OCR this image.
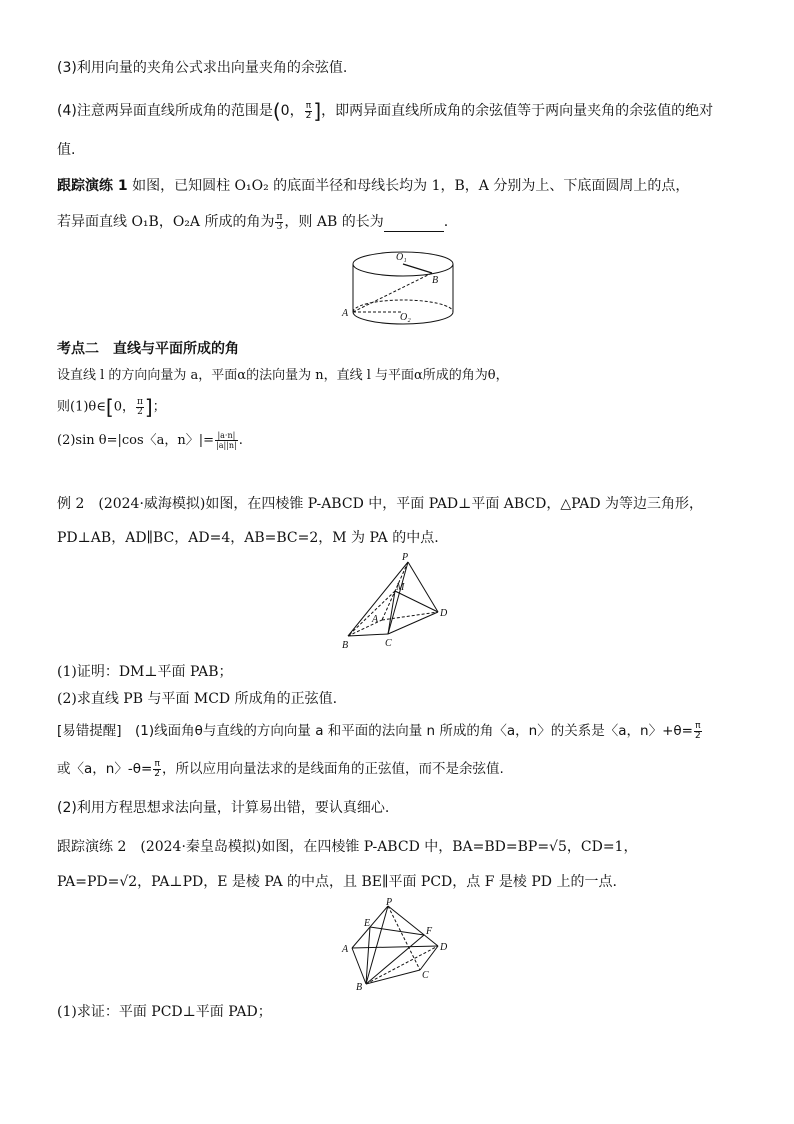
(3)利用向量的夹角公式求出向量夹角的余弦值.
(4)注意两异面直线所成角的范围是(0， $\frac{\pi}{2}$ ]，即两异面直线所成角的余弦值等于两向量夹角的余弦值的绝对
值.
跟踪演练 1 如图，已知圆柱 O₁O₂ 的底面半径和母线长均为 1，B，A 分别为上、下底面圆周上的点，
若异面直线 O₁B，O₂A 所成的角为 $\frac{\pi}{3}$ ，则 AB 的长为	.
O₁
B
A	O₂
考点二　直线与平面所成的角
设直线 l 的方向向量为 a，平面α的法向量为 n，直线 l 与平面α所成的角为θ，
则(1)θ∈[0， $\frac{\pi}{2}$ ]；
(2)sin θ=|cos〈a，n〉|= $\frac{|a\cdot n|}{|a||n|}$ .
例 2　(2024·威海模拟)如图，在四棱锥 P-ABCD 中，平面 PAD⊥平面 ABCD，△PAD 为等边三角形，
PD⊥AB，AD∥BC，AD=4，AB=BC=2，M 为 PA 的中点.
P
M
A
D
B	C
(1)证明：DM⊥平面 PAB；
(2)求直线 PB 与平面 MCD 所成角的正弦值.
[易错提醒]　(1)线面角θ与直线的方向向量 a 和平面的法向量 n 所成的角〈a，n〉的关系是〈a，n〉$+\theta= \frac{\pi}{2}$
或〈a，n〉$-\theta= \frac{\pi}{2}$ ，所以应用向量法求的是线面角的正弦值，而不是余弦值.
(2)利用方程思想求法向量，计算易出错，要认真细心.
跟踪演练 2　(2024·秦皇岛模拟)如图，在四棱锥 P-ABCD 中，BA=BD=BP=√5，CD=1，
PA=PD=√2，PA⊥PD，E 是棱 PA 的中点，且 BE∥平面 PCD，点 F 是棱 PD 上的一点.
P
E
F
A	D
C
B
(1)求证：平面 PCD⊥平面 PAD；
